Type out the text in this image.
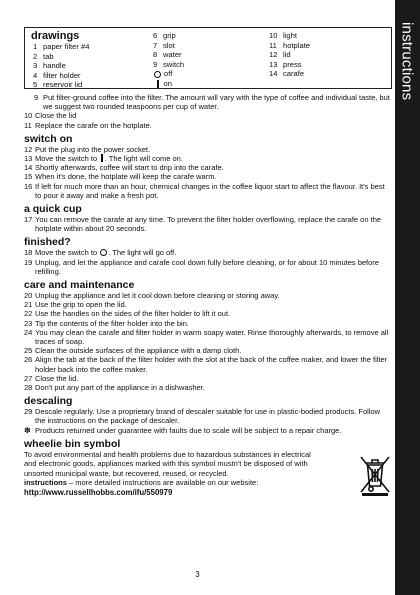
instructions
drawings
1 paper filter #4
2 tab
3 handle
4 filter holder
5 reservoir lid
6 grip
7 slot
8 water
9 switch
off
on
10 light
11 hotplate
12 lid
13 press
14 carafe
9 Put filter-ground coffee into the filter. The amount will vary with the type of coffee and individual taste, but we suggest two rounded teaspoons per cup of water.
10 Close the lid
11 Replace the carafe on the hotplate.
switch on
12 Put the plug into the power socket.
13 Move the switch to . The light will come on.
14 Shortly afterwards, coffee will start to drip into the carafe.
15 When it's done, the hotplate will keep the carafe warm.
16 If left for much more than an hour, chemical changes in the coffee liquor start to affect the flavour. It's best to pour it away and make a fresh pot.
a quick cup
17 You can remove the carafe at any time. To prevent the filter holder overflowing, replace the carafe on the hotplate within about 20 seconds.
finished?
18 Move the switch to . The light will go off.
19 Unplug, and let the appliance and carafe cool down fully before cleaning, or for about 10 minutes before refilling.
care and maintenance
20 Unplug the appliance and let it cool down before cleaning or storing away.
21 Use the grip to open the lid.
22 Use the handles on the sides of the filter holder to lift it out.
23 Tip the contents of the filter holder into the bin.
24 You may clean the carafe and filter holder in warm soapy water. Rinse thoroughly afterwards, to remove all traces of soap.
25 Clean the outside surfaces of the appliance with a damp cloth.
26 Align the tab at the back of the filter holder with the slot at the back of the coffee maker, and lower the filter holder back into the coffee maker.
27 Close the lid.
28 Don't put any part of the appliance in a dishwasher.
descaling
29 Descale regularly. Use a proprietary brand of descaler suitable for use in plastic-bodied products. Follow the instructions on the package of descaler.
✽ Products returned under guarantee with faults due to scale will be subject to a repair charge.
wheelie bin symbol
To avoid environmental and health problems due to hazardous substances in electrical and electronic goods, appliances marked with this symbol mustn't be disposed of with unsorted municipal waste, but recovered, reused, or recycled.
instructions – more detailed instructions are available on our website:
http://www.russellhobbs.com/ifu/550979
3
